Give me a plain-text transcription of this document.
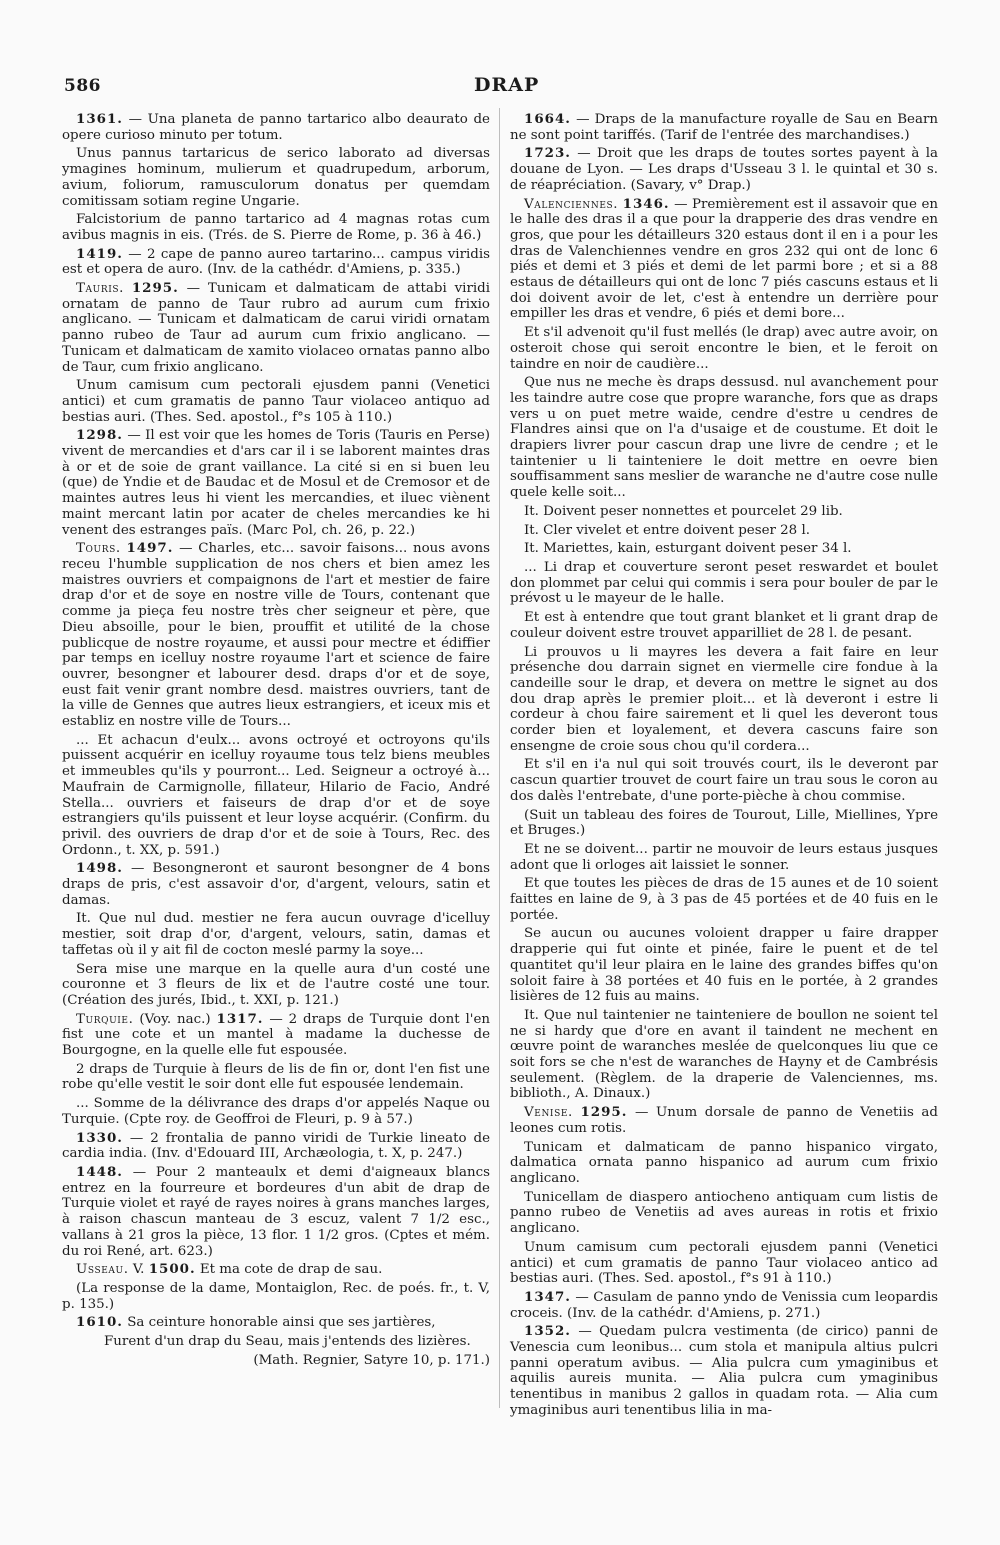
586	DRAP

1361. — Una planeta de panno tartarico albo deaurato de opere curioso minuto per totum.

Unus pannus tartaricus de serico laborato ad diversas ymagines hominum, mulierum et quadrupedum, arborum, avium, foliorum, ramusculorum donatus per quemdam comitissam sotiam regine Ungarie.

Falcistorium de panno tartarico ad 4 magnas rotas cum avibus magnis in eis. (Trés. de S. Pierre de Rome, p. 36 à 46.)

1419. — 2 cape de panno aureo tartarino... campus viridis est et opera de auro. (Inv. de la cathédr. d'Amiens, p. 335.)

Tauris. 1295. — Tunicam et dalmaticam de attabi viridi ornatam de panno de Taur rubro ad aurum cum frixio anglicano. — Tunicam et dalmaticam de carui viridi ornatam panno rubeo de Taur ad aurum cum frixio anglicano. — Tunicam et dalmaticam de xamito violaceo ornatas panno albo de Taur, cum frixio anglicano.

Unum camisum cum pectorali ejusdem panni (Venetici antici) et cum gramatis de panno Taur violaceo antiquo ad bestias auri. (Thes. Sed. apostol., f°s 105 à 110.)

1298. — Il est voir que les homes de Toris (Tauris en Perse) vivent de mercandies et d'ars car il i se laborent maintes dras à or et de soie de grant vaillance. La cité si en si buen leu (que) de Yndie et de Baudac et de Mosul et de Cremosor et de maintes autres leus hi vient les mercandies, et iluec viènent maint mercant latin por acater de cheles mercandies ke hi venent des estranges païs. (Marc Pol, ch. 26, p. 22.)

Tours. 1497. — Charles, etc... savoir faisons... nous avons receu l'humble supplication de nos chers et bien amez les maistres ouvriers et compaignons de l'art et mestier de faire drap d'or et de soye en nostre ville de Tours, contenant que comme ja pieça feu nostre très cher seigneur et père, que Dieu absoille, pour le bien, prouffit et utilité de la chose publicque de nostre royaume, et aussi pour mectre et édiffier par temps en icelluy nostre royaume l'art et science de faire ouvrer, besongner et labourer desd. draps d'or et de soye, eust fait venir grant nombre desd. maistres ouvriers, tant de la ville de Gennes que autres lieux estrangiers, et iceux mis et establiz en nostre ville de Tours...

... Et achacun d'eulx... avons octroyé et octroyons qu'ils puissent acquérir en icelluy royaume tous telz biens meubles et immeubles qu'ils y pourront... Led. Seigneur a octroyé à... Maufrain de Carmignolle, fillateur, Hilario de Facio, André Stella... ouvriers et faiseurs de drap d'or et de soye estrangiers qu'ils puissent et leur loyse acquérir. (Confirm. du privil. des ouvriers de drap d'or et de soie à Tours, Rec. des Ordonn., t. XX, p. 591.)

1498. — Besongneront et sauront besongner de 4 bons draps de pris, c'est assavoir d'or, d'argent, velours, satin et damas.

It. Que nul dud. mestier ne fera aucun ouvrage d'icelluy mestier, soit drap d'or, d'argent, velours, satin, damas et taffetas où il y ait fil de cocton meslé parmy la soye...

Sera mise une marque en la quelle aura d'un costé une couronne et 3 fleurs de lix et de l'autre costé une tour. (Création des jurés, Ibid., t. XXI, p. 121.)

Turquie. (Voy. nac.) 1317. — 2 draps de Turquie dont l'en fist une cote et un mantel à madame la duchesse de Bourgogne, en la quelle elle fut espousée.

2 draps de Turquie à fleurs de lis de fin or, dont l'en fist une robe qu'elle vestit le soir dont elle fut espousée lendemain.

... Somme de la délivrance des draps d'or appelés Naque ou Turquie. (Cpte roy. de Geoffroi de Fleuri, p. 9 à 57.)

1330. — 2 frontalia de panno viridi de Turkie lineato de cardia india. (Inv. d'Edouard III, Archæologia, t. X, p. 247.)

1448. — Pour 2 manteaulx et demi d'aigneaux blancs entrez en la fourreure et bordeures d'un abit de drap de Turquie violet et rayé de rayes noires à grans manches larges, à raison chascun manteau de 3 escuz, valent 7 1/2 esc., vallans à 21 gros la pièce, 13 flor. 1 1/2 gros. (Cptes et mém. du roi René, art. 623.)

Usseau. V. 1500. Et ma cote de drap de sau.

(La response de la dame, Montaiglon, Rec. de poés. fr., t. V, p. 135.)

1610. Sa ceinture honorable ainsi que ses jartières,

Furent d'un drap du Seau, mais j'entends des lizières.

(Math. Regnier, Satyre 10, p. 171.)

1664. — Draps de la manufacture royalle de Sau en Bearn ne sont point tariffés. (Tarif de l'entrée des marchandises.)

1723. — Droit que les draps de toutes sortes payent à la douane de Lyon. — Les draps d'Usseau 3 l. le quintal et 30 s. de réapréciation. (Savary, v° Drap.)

Valenciennes. 1346. — Premièrement est il assavoir que en le halle des dras il a que pour la drapperie des dras vendre en gros, que pour les détailleurs 320 estaus dont il en i a pour les dras de Valenchiennes vendre en gros 232 qui ont de lonc 6 piés et demi et 3 piés et demi de let parmi bore ; et si a 88 estaus de détailleurs qui ont de lonc 7 piés cascuns estaus et li doi doivent avoir de let, c'est à entendre un derrière pour empiller les dras et vendre, 6 piés et demi bore...

Et s'il advenoit qu'il fust mellés (le drap) avec autre avoir, on osteroit chose qui seroit encontre le bien, et le feroit on taindre en noir de caudière...

Que nus ne meche ès draps dessusd. nul avanchement pour les taindre autre cose que propre waranche, fors que as draps vers u on puet metre waide, cendre d'estre u cendres de Flandres ainsi que on l'a d'usaige et de coustume. Et doit le drapiers livrer pour cascun drap une livre de cendre ; et le taintenier u li tainteniere le doit mettre en oevre bien souffisamment sans meslier de waranche ne d'autre cose nulle quele kelle soit...

It. Doivent peser nonnettes et pourcelet 29 lib.

It. Cler vivelet et entre doivent peser 28 l.

It. Mariettes, kain, esturgant doivent peser 34 l.

... Li drap et couverture seront peset reswardet et boulet don plommet par celui qui commis i sera pour bouler de par le prévost u le mayeur de le halle.

Et est à entendre que tout grant blanket et li grant drap de couleur doivent estre trouvet apparilliet de 28 l. de pesant.

Li prouvos u li mayres les devera a fait faire en leur présenche dou darrain signet en viermelle cire fondue à la candeille sour le drap, et devera on mettre le signet au dos dou drap après le premier ploit... et là deveront i estre li cordeur à chou faire sairement et li quel les deveront tous corder bien et loyalement, et devera cascuns faire son ensengne de croie sous chou qu'il cordera...

Et s'il en i'a nul qui soit trouvés court, ils le deveront par cascun quartier trouvet de court faire un trau sous le coron au dos dalès l'entrebate, d'une porte-pièche à chou commise.

(Suit un tableau des foires de Tourout, Lille, Miellines, Ypre et Bruges.)

Et ne se doivent... partir ne mouvoir de leurs estaus jusques adont que li orloges ait laissiet le sonner.

Et que toutes les pièces de dras de 15 aunes et de 10 soient faittes en laine de 9, à 3 pas de 45 portées et de 40 fuis en le portée.

Se aucun ou aucunes voloient drapper u faire drapper drapperie qui fut ointe et pinée, faire le puent et de tel quantitet qu'il leur plaira en le laine des grandes biffes qu'on soloit faire à 38 portées et 40 fuis en le portée, à 2 grandes lisières de 12 fuis au mains.

It. Que nul taintenier ne tainteniere de boullon ne soient tel ne si hardy que d'ore en avant il taindent ne mechent en œuvre point de waranches meslée de quelconques liu que ce soit fors se che n'est de waranches de Hayny et de Cambrésis seulement. (Règlem. de la draperie de Valenciennes, ms. biblioth., A. Dinaux.)

Venise. 1295. — Unum dorsale de panno de Venetiis ad leones cum rotis.

Tunicam et dalmaticam de panno hispanico virgato, dalmatica ornata panno hispanico ad aurum cum frixio anglicano.

Tunicellam de diaspero antiocheno antiquam cum listis de panno rubeo de Venetiis ad aves aureas in rotis et frixio anglicano.

Unum camisum cum pectorali ejusdem panni (Venetici antici) et cum gramatis de panno Taur violaceo antico ad bestias auri. (Thes. Sed. apostol., f°s 91 à 110.)

1347. — Casulam de panno yndo de Venissia cum leopardis croceis. (Inv. de la cathédr. d'Amiens, p. 271.)

1352. — Quedam pulcra vestimenta (de cirico) panni de Venescia cum leonibus... cum stola et manipula altius pulcri panni operatum avibus. — Alia pulcra cum ymaginibus et aquilis aureis munita. — Alia pulcra cum ymaginibus tenentibus in manibus 2 gallos in quadam rota. — Alia cum ymaginibus auri tenentibus lilia in ma-
